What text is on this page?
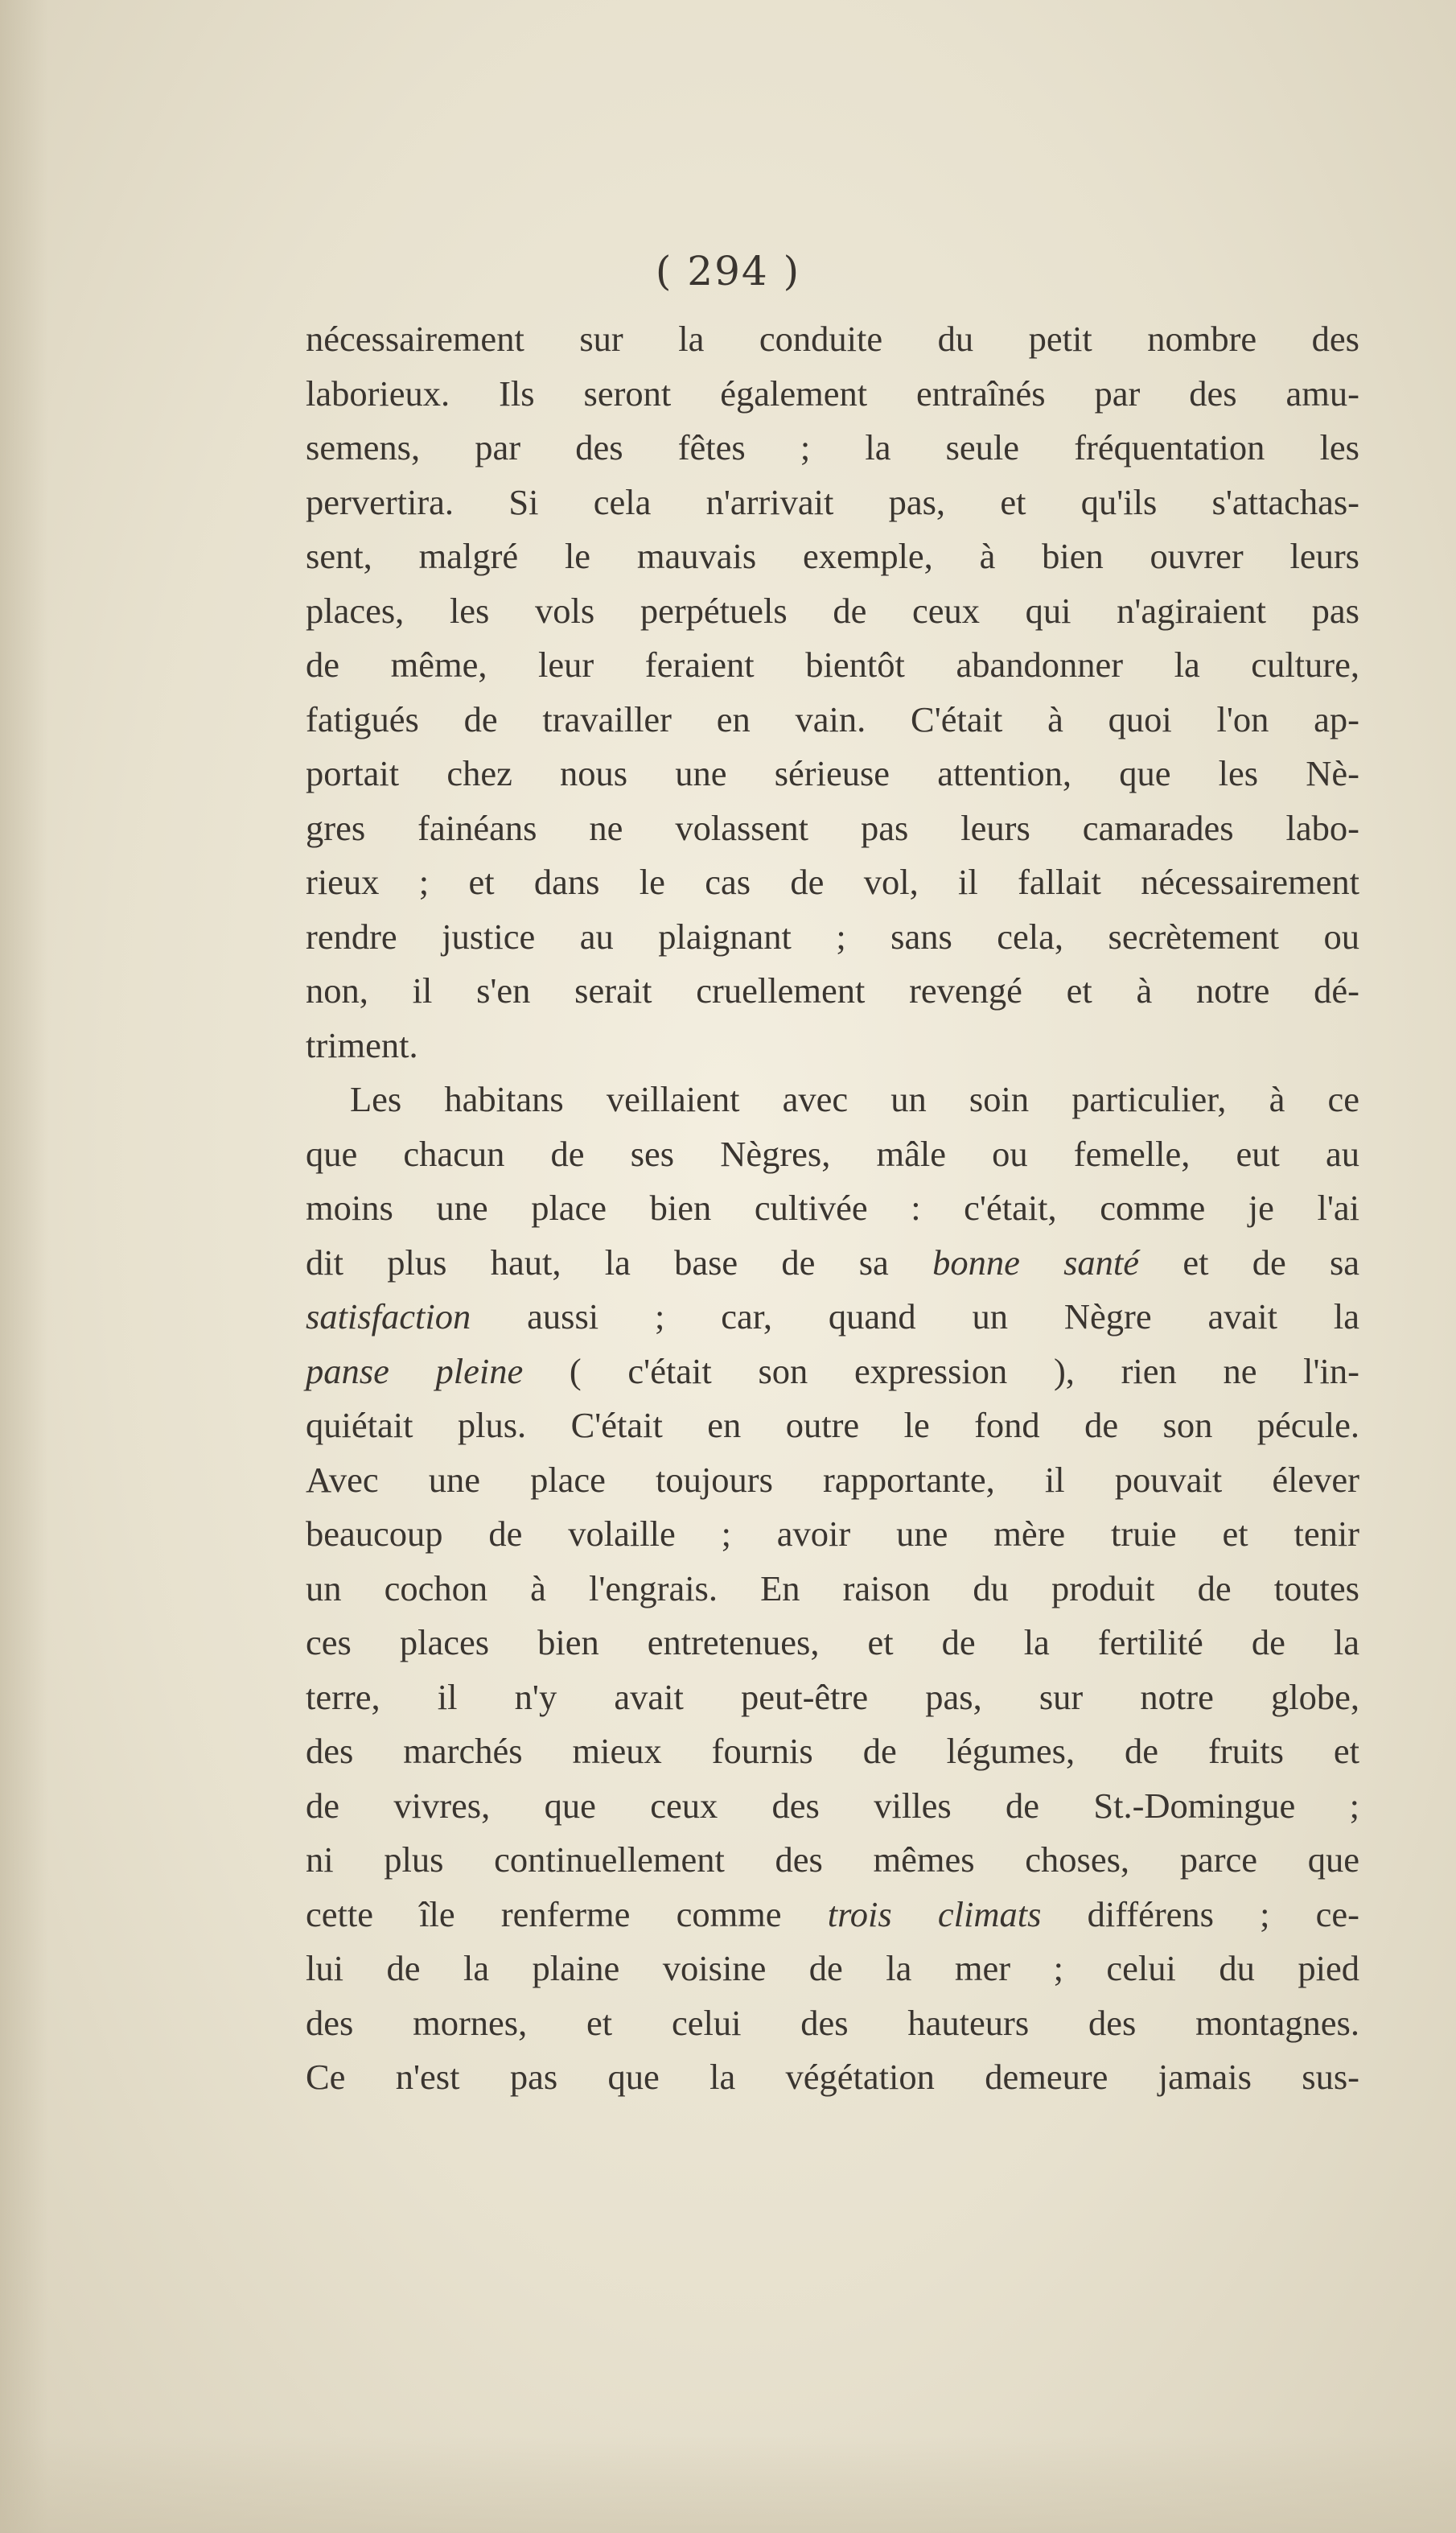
( 294 )
nécessairement sur la conduite du petit nombre des
laborieux. Ils seront également entraînés par des amu-
semens, par des fêtes ; la seule fréquentation les
pervertira. Si cela n'arrivait pas, et qu'ils s'attachas-
sent, malgré le mauvais exemple, à bien ouvrer leurs
places, les vols perpétuels de ceux qui n'agiraient pas
de même, leur feraient bientôt abandonner la culture,
fatigués de travailler en vain. C'était à quoi l'on ap-
portait chez nous une sérieuse attention, que les Nè-
gres fainéans ne volassent pas leurs camarades labo-
rieux ; et dans le cas de vol, il fallait nécessairement
rendre justice au plaignant ; sans cela, secrètement ou
non, il s'en serait cruellement revengé et à notre dé-
triment.
Les habitans veillaient avec un soin particulier, à ce
que chacun de ses Nègres, mâle ou femelle, eut au
moins une place bien cultivée : c'était, comme je l'ai
dit plus haut, la base de sa bonne santé et de sa
satisfaction aussi ; car, quand un Nègre avait la
panse pleine ( c'était son expression ), rien ne l'in-
quiétait plus. C'était en outre le fond de son pécule.
Avec une place toujours rapportante, il pouvait élever
beaucoup de volaille ; avoir une mère truie et tenir
un cochon à l'engrais. En raison du produit de toutes
ces places bien entretenues, et de la fertilité de la
terre, il n'y avait peut-être pas, sur notre globe,
des marchés mieux fournis de légumes, de fruits et
de vivres, que ceux des villes de St.-Domingue ;
ni plus continuellement des mêmes choses, parce que
cette île renferme comme trois climats différens ; ce-
lui de la plaine voisine de la mer ; celui du pied
des mornes, et celui des hauteurs des montagnes.
Ce n'est pas que la végétation demeure jamais sus-
